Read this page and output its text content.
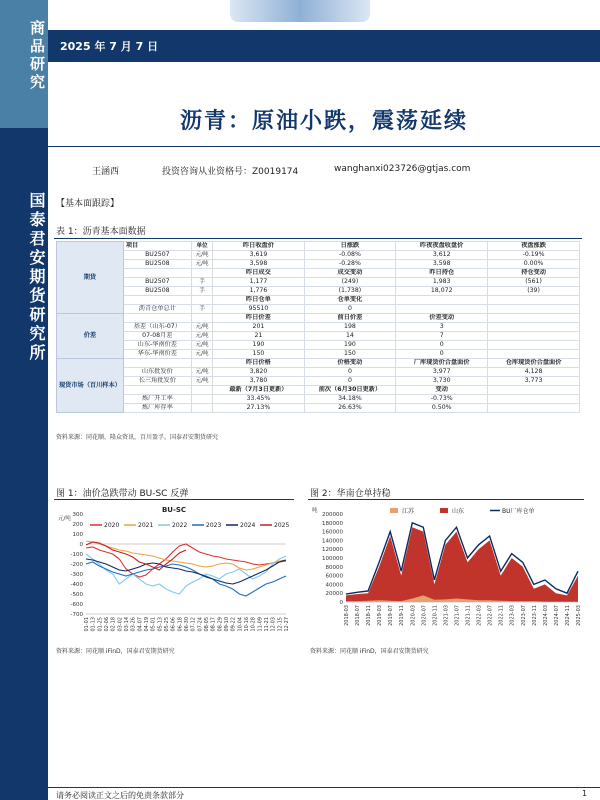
商品研究
国泰君安期货研究所
2025 年 7 月 7 日
沥青：原油小跌，震荡延续
王涵西	投资咨询从业资格号：Z0019174	wanghanxi023726@gtjas.com
【基本面跟踪】
表 1：沥青基本面数据
期货	项目	单位	昨日收盘价	日涨跌	昨夜夜盘收盘价	夜盘涨跌
	BU2507	元/吨	3,619	-0.08%	3,612	-0.19%
	BU2508	元/吨	3,598	-0.28%	3,598	0.00%
			昨日成交	成交变动	昨日持仓	持仓变动
	BU2507	手	1,177	(249)	1,983	(561)
	BU2508	手	1,776	(1,738)	18,072	(39)
			昨日仓单	仓单变化		
	沥青仓单总计	手	95510	0		
价差			昨日价差	前日价差	价差变动	
	基差（山东-07）	元/吨	201	198	3	
	07-08月差	元/吨	21	14	7	
	山东-华南价差	元/吨	190	190	0	
	华东-华南价差	元/吨	150	150	0	
现货市场（百川样本）			昨日价格	价格变动	厂库现货价合盘面价	仓库现货价合盘面价
	山东批发价	元/吨	3,820	0	3,977	4,128
	长三角批发价	元/吨	3,780	0	3,730	3,773
			最新（7月3日更新）	前次（6月30日更新）	变动	
	炼厂开工率		33.45%	34.18%	-0.73%	
	炼厂库存率		27.13%	26.63%	0.50%	
资料来源：同花顺，隆众资讯，百川盈孚，国泰君安期货研究
图 1：油价急跌带动 BU-SC 反弹
BU-SC
元/吨
300
200
100
0
-100
-200
-300
-400
-500
-600
-700
01-01 01-13 01-25 02-06 02-18 03-02 03-14 03-26 04-07 04-19 05-01 05-13 05-25 06-06 06-18 06-30 07-12 07-24 08-05 08-17 08-29 09-10 09-22 10-04 10-16 10-28 11-09 11-21 12-03 12-15 12-27
2020	2021	2022	2023	2024	2025
资料来源：同花顺 iFinD，国泰君安期货研究
图 2：华南仓单持稳
吨
200000
180000
160000
140000
120000
100000
80000
60000
40000
20000
0
2018-03 2018-07 2018-11 2019-03 2019-07 2019-11 2020-03 2020-07 2020-11 2021-03 2021-07 2021-11 2022-03 2022-07 2022-11 2023-03 2023-07 2023-11 2024-03 2024-07 2024-11 2025-03
江苏	山东	BU厂库仓单
资料来源：同花顺 iFinD，国泰君安期货研究
请务必阅读正文之后的免责条款部分	1
